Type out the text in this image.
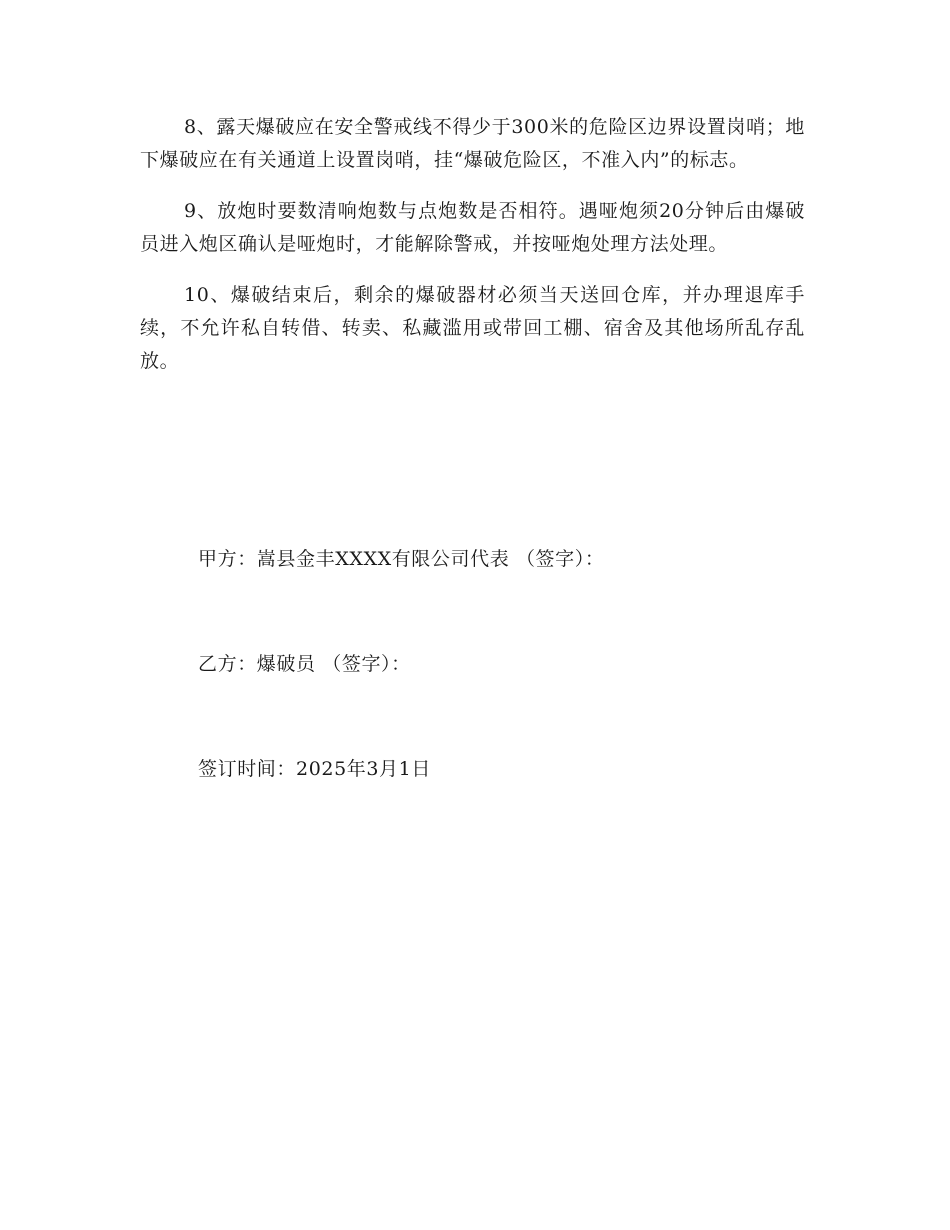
8、露天爆破应在安全警戒线不得少于300米的危险区边界设置岗哨；地下爆破应在有关通道上设置岗哨，挂“爆破危险区，不准入内”的标志。

9、放炮时要数清响炮数与点炮数是否相符。遇哑炮须20分钟后由爆破员进入炮区确认是哑炮时，才能解除警戒，并按哑炮处理方法处理。

10、爆破结束后，剩余的爆破器材必须当天送回仓库，并办理退库手续，不允许私自转借、转卖、私藏滥用或带回工棚、宿舍及其他场所乱存乱放。

甲方：嵩县金丰XXXX有限公司代表 （签字）：
乙方：爆破员 （签字）：
签订时间：2025年3月1日
